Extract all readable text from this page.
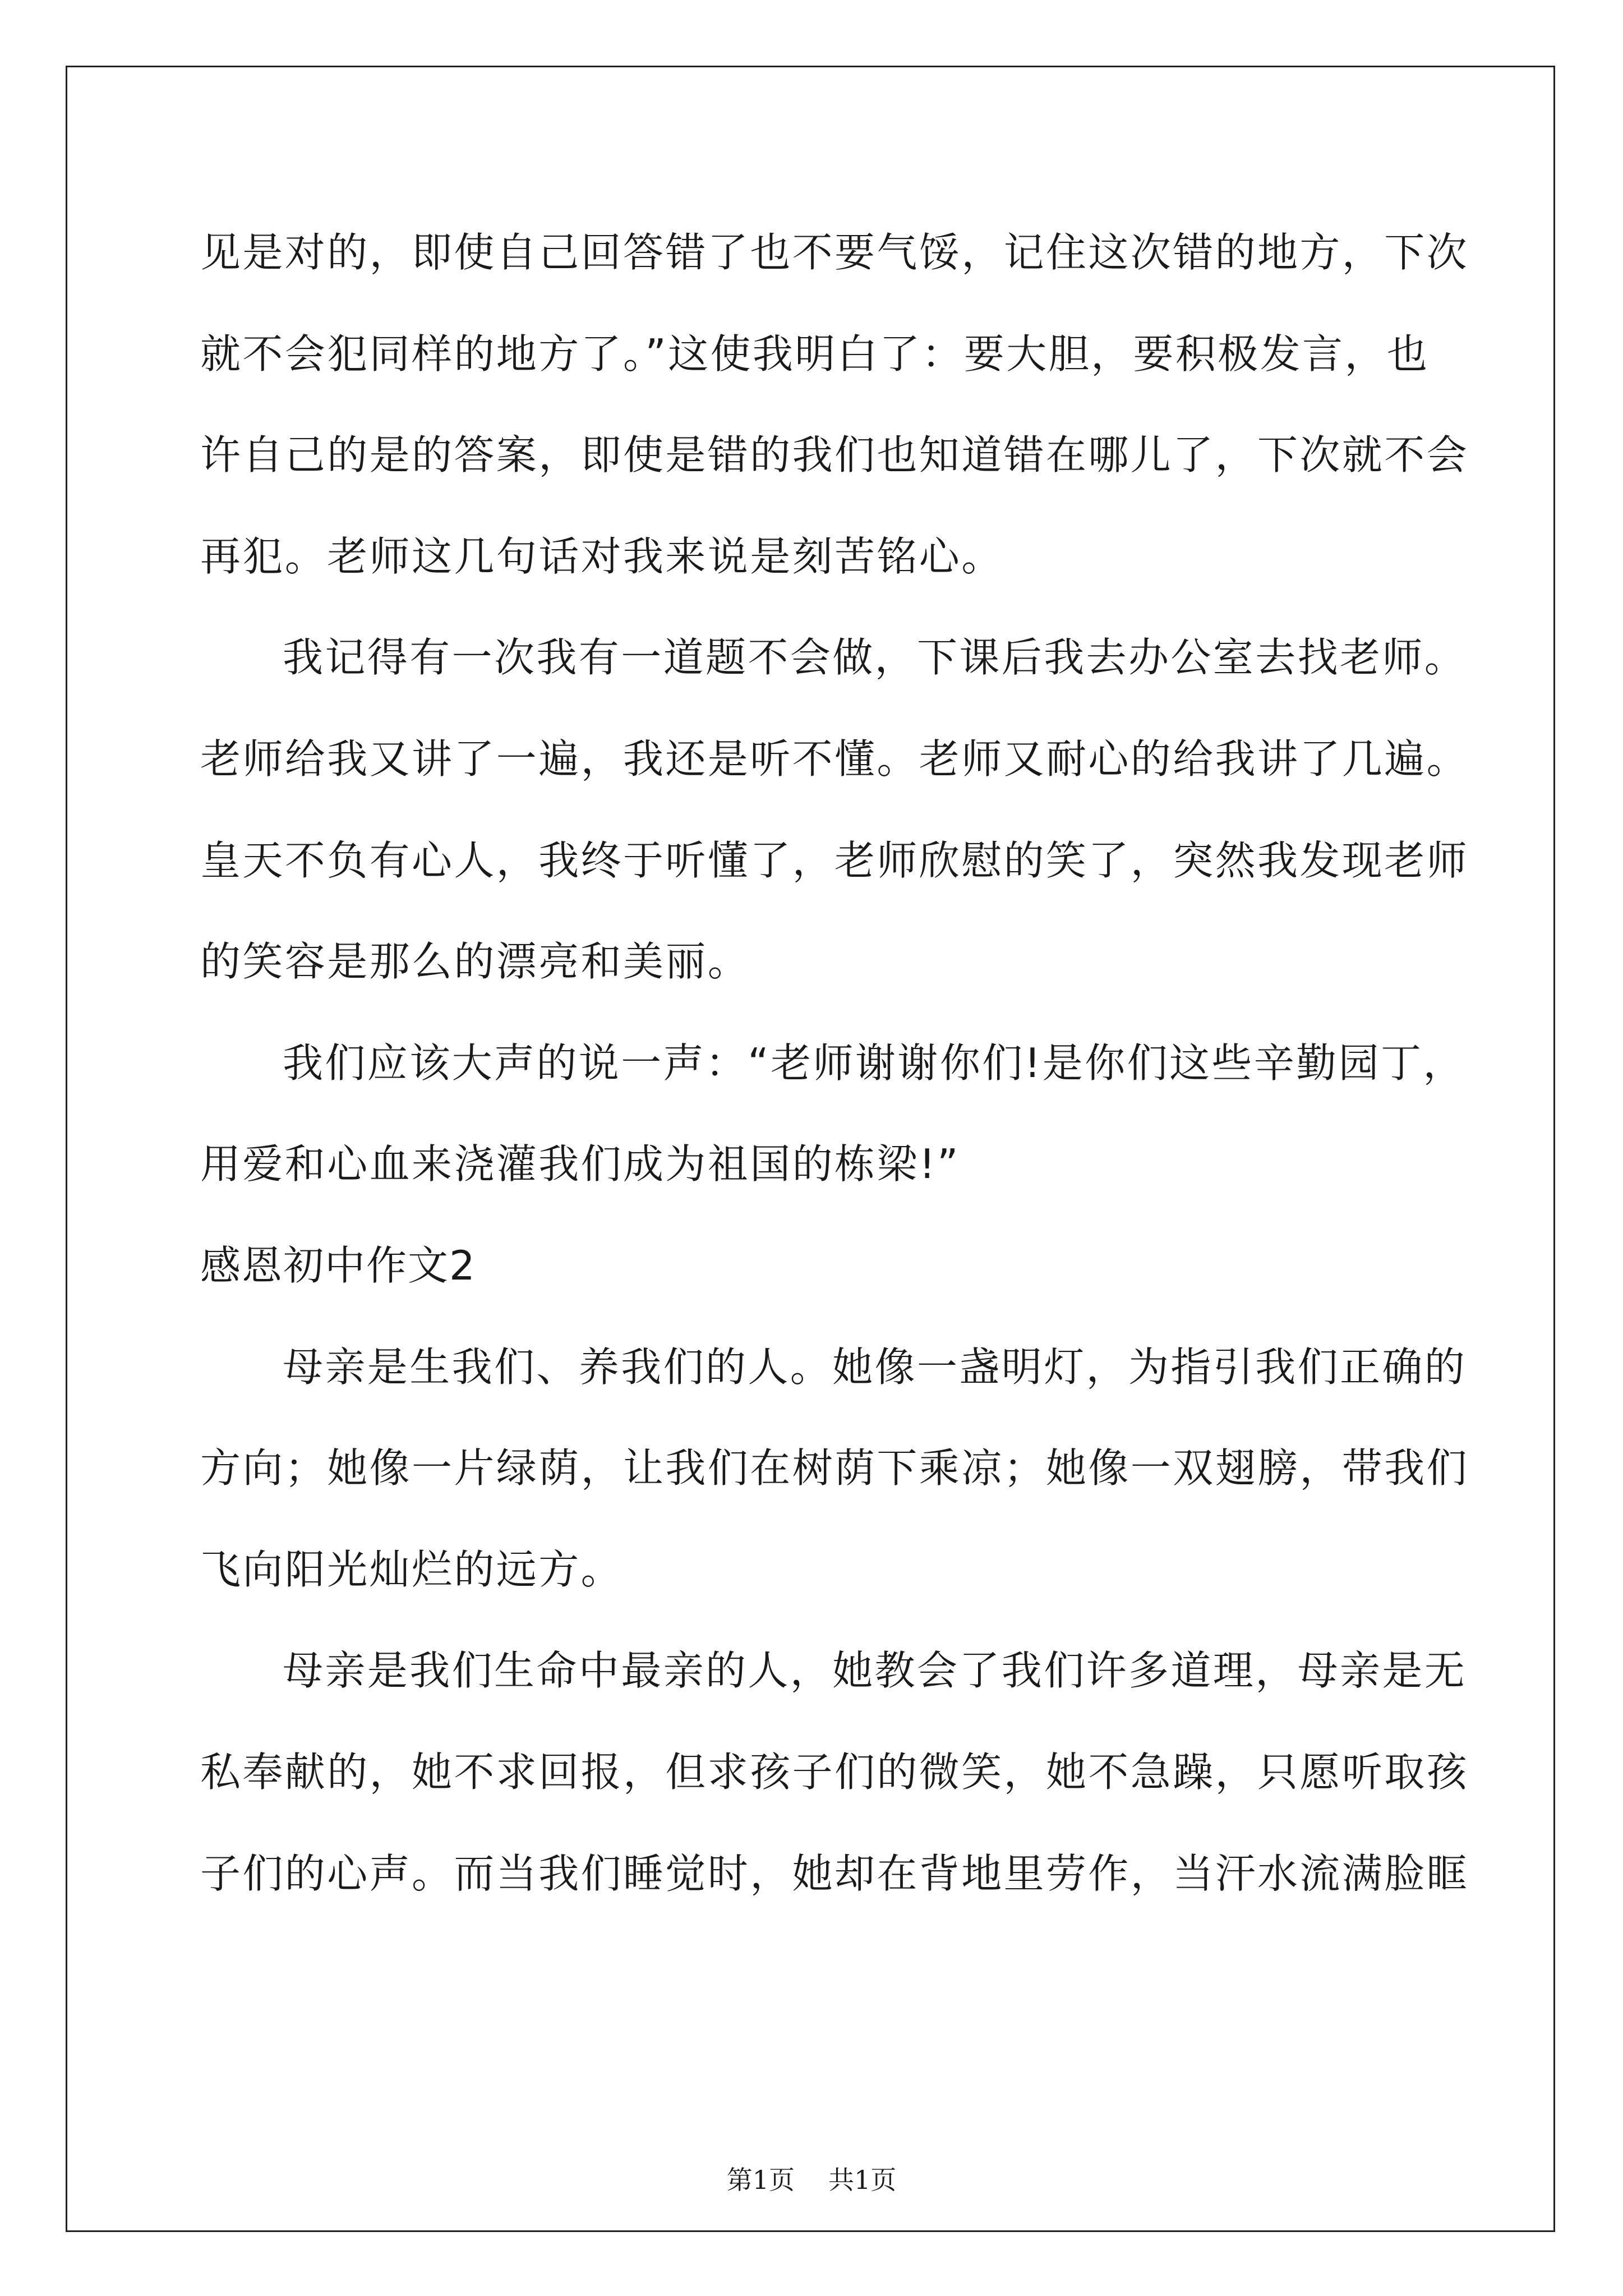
见是对的，即使自己回答错了也不要气馁，记住这次错的地方，下次
就不会犯同样的地方了。”这使我明白了：要大胆，要积极发言，也
许自己的是的答案，即使是错的我们也知道错在哪儿了，下次就不会
再犯。老师这几句话对我来说是刻苦铭心。
我记得有一次我有一道题不会做，下课后我去办公室去找老师。
老师给我又讲了一遍，我还是听不懂。老师又耐心的给我讲了几遍。
皇天不负有心人，我终于听懂了，老师欣慰的笑了，突然我发现老师
的笑容是那么的漂亮和美丽。
我们应该大声的说一声：“老师谢谢你们!是你们这些辛勤园丁，
用爱和心血来浇灌我们成为祖国的栋梁!”
感恩初中作文2
母亲是生我们、养我们的人。她像一盏明灯，为指引我们正确的
方向；她像一片绿荫，让我们在树荫下乘凉；她像一双翅膀，带我们
飞向阳光灿烂的远方。
母亲是我们生命中最亲的人，她教会了我们许多道理，母亲是无
私奉献的，她不求回报，但求孩子们的微笑，她不急躁，只愿听取孩
子们的心声。而当我们睡觉时，她却在背地里劳作，当汗水流满脸眶
第1页 共1页
